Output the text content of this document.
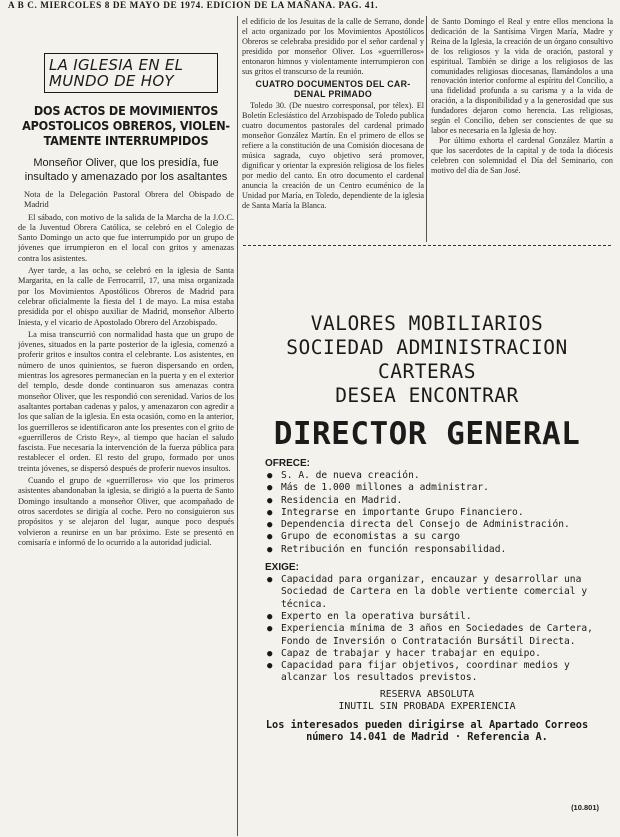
A B C. MIERCOLES 8 DE MAYO DE 1974. EDICION DE LA MAÑANA. PAG. 41.
LA IGLESIA EN EL
MUNDO DE HOY
DOS ACTOS DE MOVIMIENTOS
APOSTOLICOS OBREROS, VIOLEN-
TAMENTE INTERRUMPIDOS
Monseñor Oliver, que los presidía, fue insultado y amenazado por los asaltantes

Nota de la Delegación Pastoral Obrera del Obispado de Madrid

El sábado, con motivo de la salida de la Marcha de la J.O.C. de la Juventud Obrera Católica, se celebró en el Colegio de Santo Domingo un acto que fue interrumpido por un grupo de jóvenes que irrumpieron en el local con gritos y amenazas contra los asistentes.

Ayer tarde, a las ocho, se celebró en la iglesia de Santa Margarita, en la calle de Ferrocarril, 17, una misa organizada por los Movimientos Apostólicos Obreros de Madrid para celebrar oficialmente la fiesta del 1 de mayo. La misa estaba presidida por el obispo auxiliar de Madrid, monseñor Alberto Iniesta, y el vicario de Apostolado Obrero del Arzobispado.

La misa transcurrió con normalidad hasta que un grupo de jóvenes, situados en la parte posterior de la iglesia, comenzó a proferir gritos e insultos contra el celebrante. Los asistentes, en número de unos quinientos, se fueron dispersando en orden, mientras los agresores permanecían en la puerta y en el exterior del templo, desde donde continuaron sus amenazas contra monseñor Oliver, que les respondió con serenidad. Varios de los asaltantes portaban cadenas y palos, y amenazaron con agredir a los que salían de la iglesia. En esta ocasión, como en la anterior, los guerrilleros se identificaron ante los presentes con el grito de «guerrilleros de Cristo Rey», al tiempo que hacían el saludo fascista. Fue necesaria la intervención de la fuerza pública para restablecer el orden. El resto del grupo, formado por unos treinta jóvenes, se dispersó después de proferir nuevos insultos.

Cuando el grupo de «guerrilleros» vio que los primeros asistentes abandonaban la iglesia, se dirigió a la puerta de Santo Domingo insultando a monseñor Oliver, que acompañado de otros sacerdotes se dirigía al coche. Pero no consiguieron sus propósitos y se alejaron del lugar, aunque poco después volvieron a reunirse en un bar próximo. Este se presentó en comisaría e informó de lo ocurrido a la autoridad judicial.

el edificio de los Jesuitas de la calle de Serrano, donde el acto organizado por los Movimientos Apostólicos Obreros se celebraba presidido por el señor cardenal y presidido por monseñor Oliver. Los «guerrilleros» entonaron himnos y violentamente interrumpieron con sus gritos el transcurso de la reunión.

CUATRO DOCUMENTOS DEL CAR-
DENAL PRIMADO

Toledo 30. (De nuestro corresponsal, por télex). El Boletín Eclesiástico del Arzobispado de Toledo publica cuatro documentos pastorales del cardenal primado monseñor González Martín. En el primero de ellos se refiere a la constitución de una Comisión diocesana de música sagrada, cuyo objetivo será promover, dignificar y orientar la expresión religiosa de los fieles por medio del canto. En otro documento el cardenal anuncia la creación de un Centro ecuménico de la Unidad por María, en Toledo, dependiente de la iglesia de Santa María la Blanca.

de Santo Domingo el Real y entre ellos menciona la dedicación de la Santísima Virgen María, Madre y Reina de la Iglesia, la creación de un órgano consultivo de los religiosos y la vida de oración, pastoral y espiritual. También se dirige a los religiosos de las comunidades religiosas diocesanas, llamándolos a una renovación interior conforme al espíritu del Concilio, a una fidelidad profunda a su carisma y a la vida de oración, a la disponibilidad y a la generosidad que sus fundadores dejaron como herencia. Las religiosas, según el Concilio, deben ser conscientes de que su labor es necesaria en la Iglesia de hoy.

Por último exhorta el cardenal González Martín a que los sacerdotes de la capital y de toda la diócesis celebren con solemnidad el Día del Seminario, con motivo del día de San José.

VALORES MOBILIARIOS
SOCIEDAD ADMINISTRACION
CARTERAS
DESEA ENCONTRAR
DIRECTOR GENERAL
OFRECE:
● S. A. de nueva creación.
● Más de 1.000 millones a administrar.
● Residencia en Madrid.
● Integrarse en importante Grupo Financiero.
● Dependencia directa del Consejo de Administración.
● Grupo de economistas a su cargo
● Retribución en función responsabilidad.
EXIGE:
● Capacidad para organizar, encauzar y desarrollar una Sociedad de Cartera en la doble vertiente comercial y técnica.
● Experto en la operativa bursátil.
● Experiencia mínima de 3 años en Sociedades de Cartera, Fondo de Inversión o Contratación Bursátil Directa.
● Capaz de trabajar y hacer trabajar en equipo.
● Capacidad para fijar objetivos, coordinar medios y alcanzar los resultados previstos.
RESERVA ABSOLUTA
INUTIL SIN PROBADA EXPERIENCIA
Los interesados pueden dirigirse al Apartado Correos
número 14.041 de Madrid · Referencia A.
(10.801)
